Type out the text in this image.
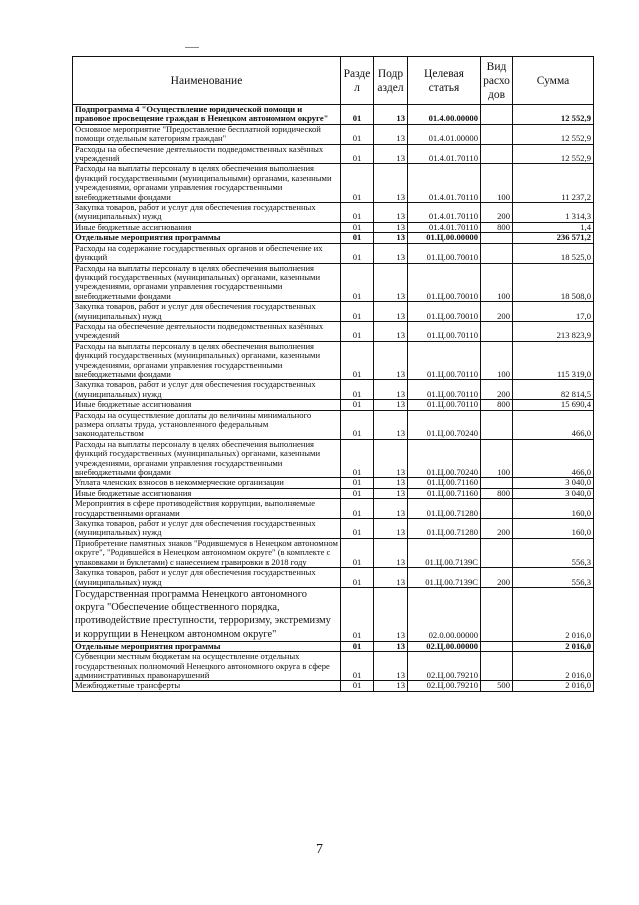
Наименование	Разде л	Подр аздел	Целевая статья	Вид расхо дов	Сумма
Подпрограмма 4 "Осуществление юридической помощи и правовое просвещение граждан в Ненецком автономном округе"	01	13	01.4.00.00000		12 552,9
Основное мероприятие "Предоставление бесплатной юридической помощи отдельным категориям граждан"	01	13	01.4.01.00000		12 552,9
Расходы на обеспечение деятельности подведомственных казённых учреждений	01	13	01.4.01.70110		12 552,9
Расходы на выплаты персоналу в целях обеспечения выполнения функций государственными (муниципальными) органами, казенными учреждениями, органами управления государственными внебюджетными фондами	01	13	01.4.01.70110	100	11 237,2
Закупка товаров, работ и услуг для обеспечения государственных (муниципальных) нужд	01	13	01.4.01.70110	200	1 314,3
Иные бюджетные ассигнования	01	13	01.4.01.70110	800	1,4
Отдельные мероприятия программы	01	13	01.Ц.00.00000		236 571,2
Расходы на содержание государственных органов и обеспечение их функций	01	13	01.Ц.00.70010		18 525,0
Расходы на выплаты персоналу в целях обеспечения выполнения функций государственных (муниципальных) органами, казенными учреждениями, органами управления государственными внебюджетными фондами	01	13	01.Ц.00.70010	100	18 508,0
Закупка товаров, работ и услуг для обеспечения государственных (муниципальных) нужд	01	13	01.Ц.00.70010	200	17,0
Расходы на обеспечение деятельности подведомственных казённых учреждений	01	13	01.Ц.00.70110		213 823,9
Расходы на выплаты персоналу в целях обеспечения выполнения функций государственных (муниципальных) органами, казенными учреждениями, органами управления государственными внебюджетными фондами	01	13	01.Ц.00.70110	100	115 319,0
Закупка товаров, работ и услуг для обеспечения государственных (муниципальных) нужд	01	13	01.Ц.00.70110	200	82 814,5
Иные бюджетные ассигнования	01	13	01.Ц.00.70110	800	15 690,4
Расходы на осуществление доплаты до величины минимального размера оплаты труда, установленного федеральным законодательством	01	13	01.Ц.00.70240		466,0
Расходы на выплаты персоналу в целях обеспечения выполнения функций государственных (муниципальных) органами, казенными учреждениями, органами управления государственными внебюджетными фондами	01	13	01.Ц.00.70240	100	466,0
Уплата членских взносов в некоммерческие организации	01	13	01.Ц.00.71160		3 040,0
Иные бюджетные ассигнования	01	13	01.Ц.00.71160	800	3 040,0
Мероприятия в сфере противодействия коррупции, выполняемые государственными органами	01	13	01.Ц.00.71280		160,0
Закупка товаров, работ и услуг для обеспечения государственных (муниципальных) нужд	01	13	01.Ц.00.71280	200	160,0
Приобретение памятных знаков "Родившемуся в Ненецком автономном округе", "Родившейся в Ненецком автономном округе" (в комплекте с упаковками и буклетами) с нанесением гравировки в 2018 году	01	13	01.Ц.00.7139С		556,3
Закупка товаров, работ и услуг для обеспечения государственных (муниципальных) нужд	01	13	01.Ц.00.7139С	200	556,3
Государственная программа Ненецкого автономного округа "Обеспечение общественного порядка, противодействие преступности, терроризму, экстремизму и коррупции в Ненецком автономном округе"	01	13	02.0.00.00000		2 016,0
Отдельные мероприятия программы	01	13	02.Ц.00.00000		2 016,0
Субвенции местным бюджетам на осуществление отдельных государственных полномочий Ненецкого автономного округа в сфере административных правонарушений	01	13	02.Ц.00.79210		2 016,0
Межбюджетные трансферты	01	13	02.Ц.00.79210	500	2 016,0
7
